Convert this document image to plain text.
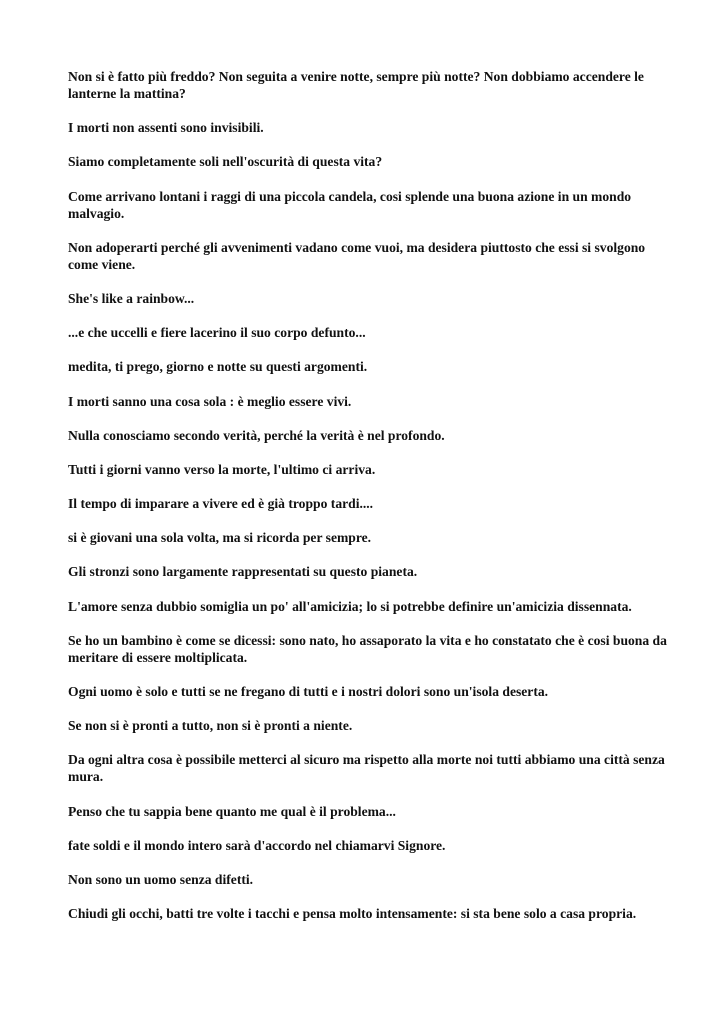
Non si è fatto più freddo? Non seguita a venire notte, sempre più notte? Non dobbiamo accendere le lanterne la mattina?

I morti non assenti sono invisibili.

Siamo completamente soli nell'oscurità di questa vita?

Come arrivano lontani i raggi di una piccola candela, cosi splende una buona azione in un mondo malvagio.

Non adoperarti perché gli avvenimenti vadano come vuoi, ma desidera piuttosto che essi si svolgono come viene.

She's like a rainbow...

...e che uccelli e fiere lacerino il suo corpo defunto...

medita, ti prego, giorno e notte su questi argomenti.

I morti sanno una cosa sola : è meglio essere vivi.

Nulla conosciamo secondo verità, perché la verità è nel profondo.

Tutti i giorni vanno verso la morte, l'ultimo ci arriva.

Il tempo di imparare a vivere ed è già troppo tardi....

si è giovani una sola volta, ma si ricorda per sempre.

Gli stronzi sono largamente rappresentati su questo pianeta.

L'amore senza dubbio somiglia un po' all'amicizia; lo si potrebbe definire un'amicizia dissennata.

Se ho un bambino è come se dicessi: sono nato, ho assaporato la vita e ho constatato che è cosi buona da meritare di essere moltiplicata.

Ogni uomo è solo e tutti se ne fregano di tutti e i nostri dolori sono un'isola deserta.

Se non si è pronti a tutto, non si è pronti a niente.

Da ogni altra cosa è possibile metterci al sicuro ma rispetto alla morte noi tutti abbiamo una città senza mura.

Penso che tu sappia bene quanto me qual è il problema...

fate soldi e il mondo intero sarà d'accordo nel chiamarvi Signore.

Non sono un uomo senza difetti.

Chiudi gli occhi, batti tre volte i tacchi e pensa molto intensamente: si sta bene solo a casa propria.
